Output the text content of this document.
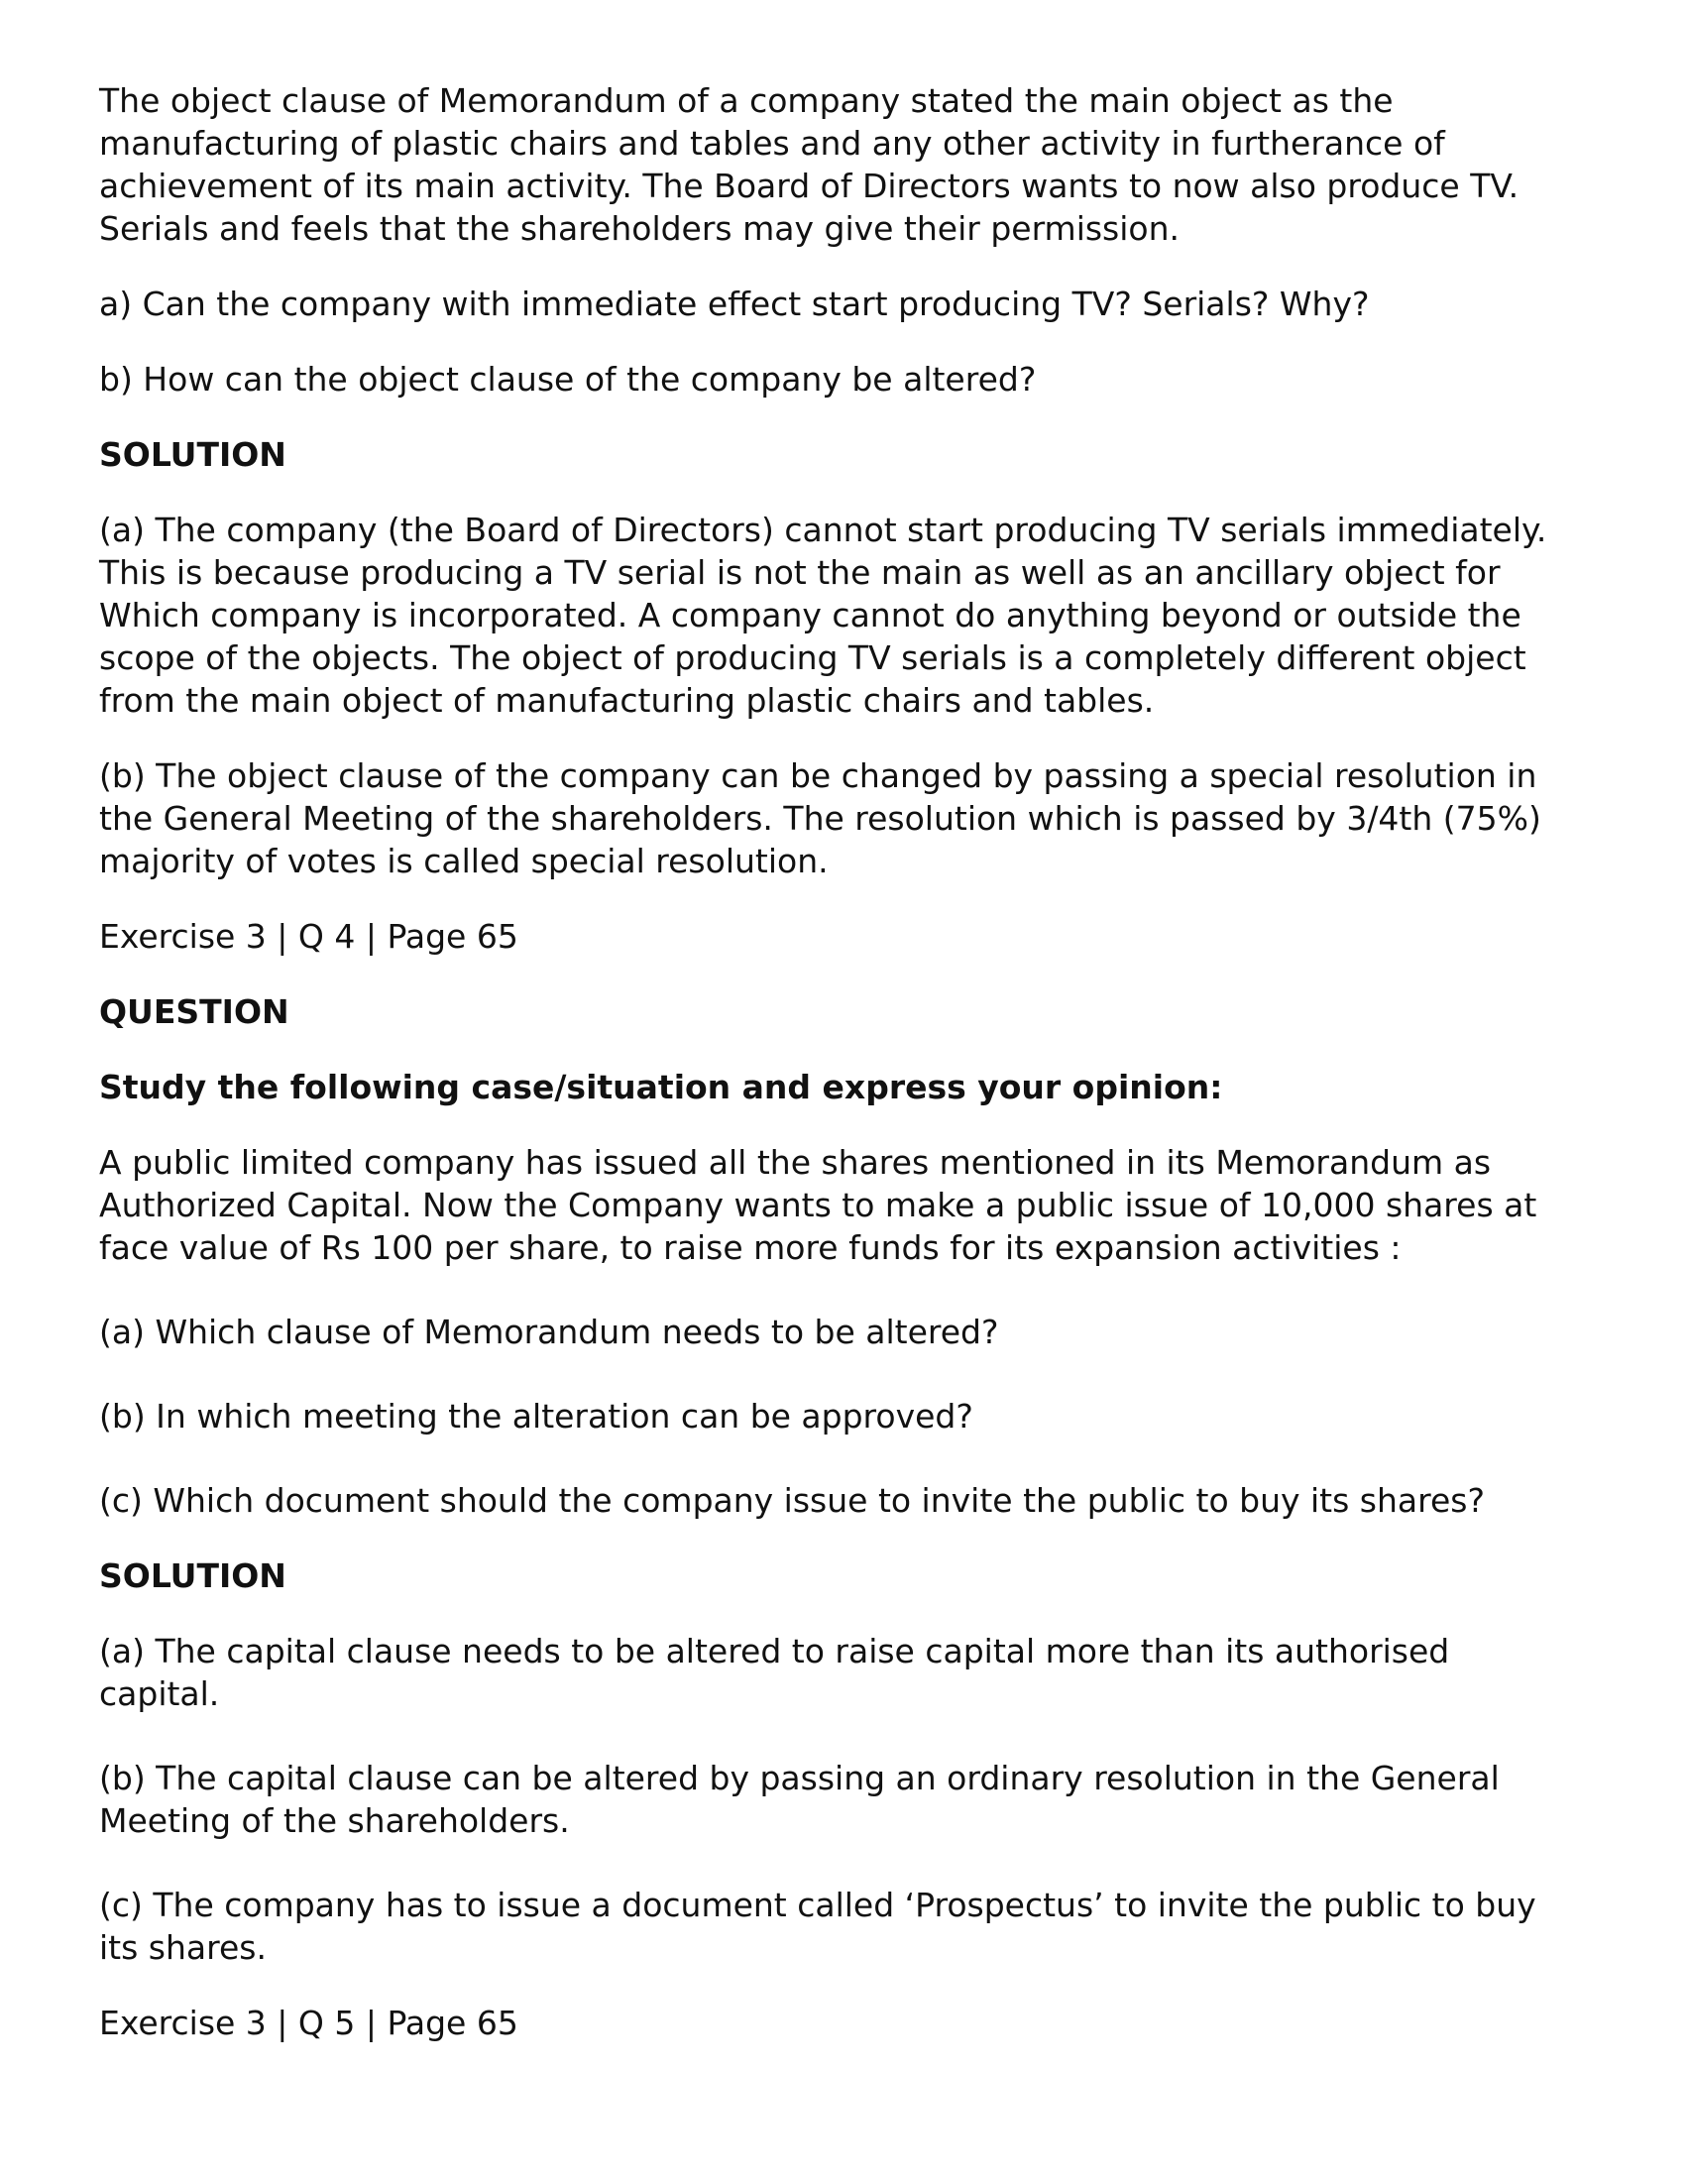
The object clause of Memorandum of a company stated the main object as the
manufacturing of plastic chairs and tables and any other activity in furtherance of
achievement of its main activity. The Board of Directors wants to now also produce TV.
Serials and feels that the shareholders may give their permission.
a) Can the company with immediate effect start producing TV? Serials? Why?
b) How can the object clause of the company be altered?
SOLUTION
(a) The company (the Board of Directors) cannot start producing TV serials immediately.
This is because producing a TV serial is not the main as well as an ancillary object for
Which company is incorporated. A company cannot do anything beyond or outside the
scope of the objects. The object of producing TV serials is a completely different object
from the main object of manufacturing plastic chairs and tables.
(b) The object clause of the company can be changed by passing a special resolution in
the General Meeting of the shareholders. The resolution which is passed by 3/4th (75%)
majority of votes is called special resolution.
Exercise 3 | Q 4 | Page 65
QUESTION
Study the following case/situation and express your opinion:
A public limited company has issued all the shares mentioned in its Memorandum as
Authorized Capital. Now the Company wants to make a public issue of 10,000 shares at
face value of Rs 100 per share, to raise more funds for its expansion activities :
(a) Which clause of Memorandum needs to be altered?
(b) In which meeting the alteration can be approved?
(c) Which document should the company issue to invite the public to buy its shares?
SOLUTION
(a) The capital clause needs to be altered to raise capital more than its authorised
capital.
(b) The capital clause can be altered by passing an ordinary resolution in the General
Meeting of the shareholders.
(c) The company has to issue a document called ‘Prospectus’ to invite the public to buy
its shares.
Exercise 3 | Q 5 | Page 65
